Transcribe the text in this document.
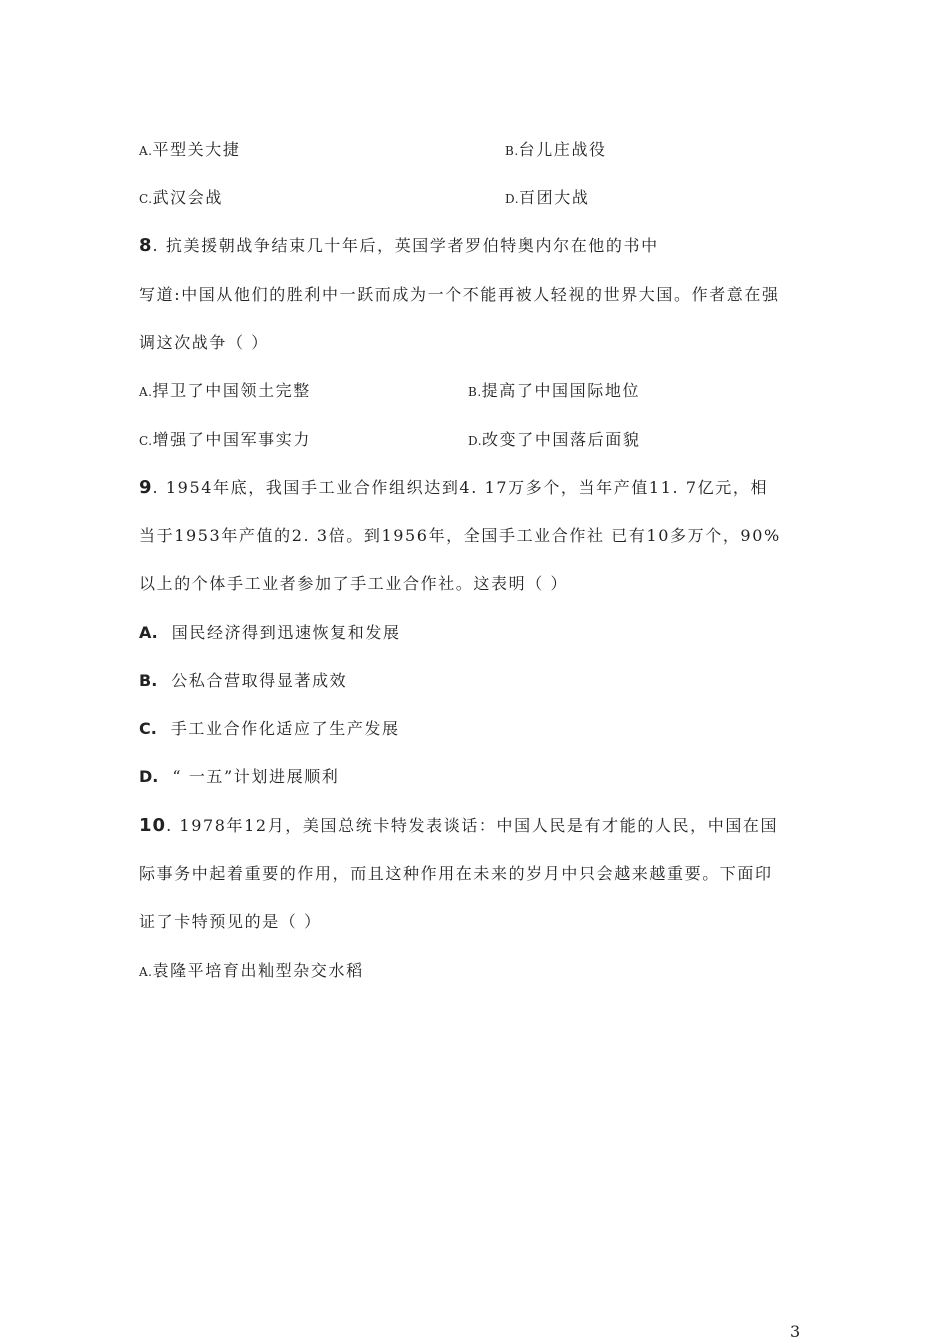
A.平型关大捷	B.台儿庄战役
C.武汉会战	D.百团大战
8. 抗美援朝战争结束几十年后，英国学者罗伯特奥内尔在他的书中
写道:中国从他们的胜利中一跃而成为一个不能再被人轻视的世界大国。作者意在强
调这次战争（ ）
A.捍卫了中国领土完整	B.提高了中国国际地位
C.增强了中国军事实力	D.改变了中国落后面貌
9. 1954年底，我国手工业合作组织达到4. 17万多个，当年产值11. 7亿元，相
当于1953年产值的2. 3倍。到1956年，全国手工业合作社 已有10多万个，90%
以上的个体手工业者参加了手工业合作社。这表明（ ）
A. 国民经济得到迅速恢复和发展
B. 公私合营取得显著成效
C. 手工业合作化适应了生产发展
D. “ 一五”计划进展顺利
10. 1978年12月，美国总统卡特发表谈话：中国人民是有才能的人民，中国在国
际事务中起着重要的作用，而且这种作用在未来的岁月中只会越来越重要。下面印
证了卡特预见的是（ ）
A.袁隆平培育出籼型杂交水稻
3
